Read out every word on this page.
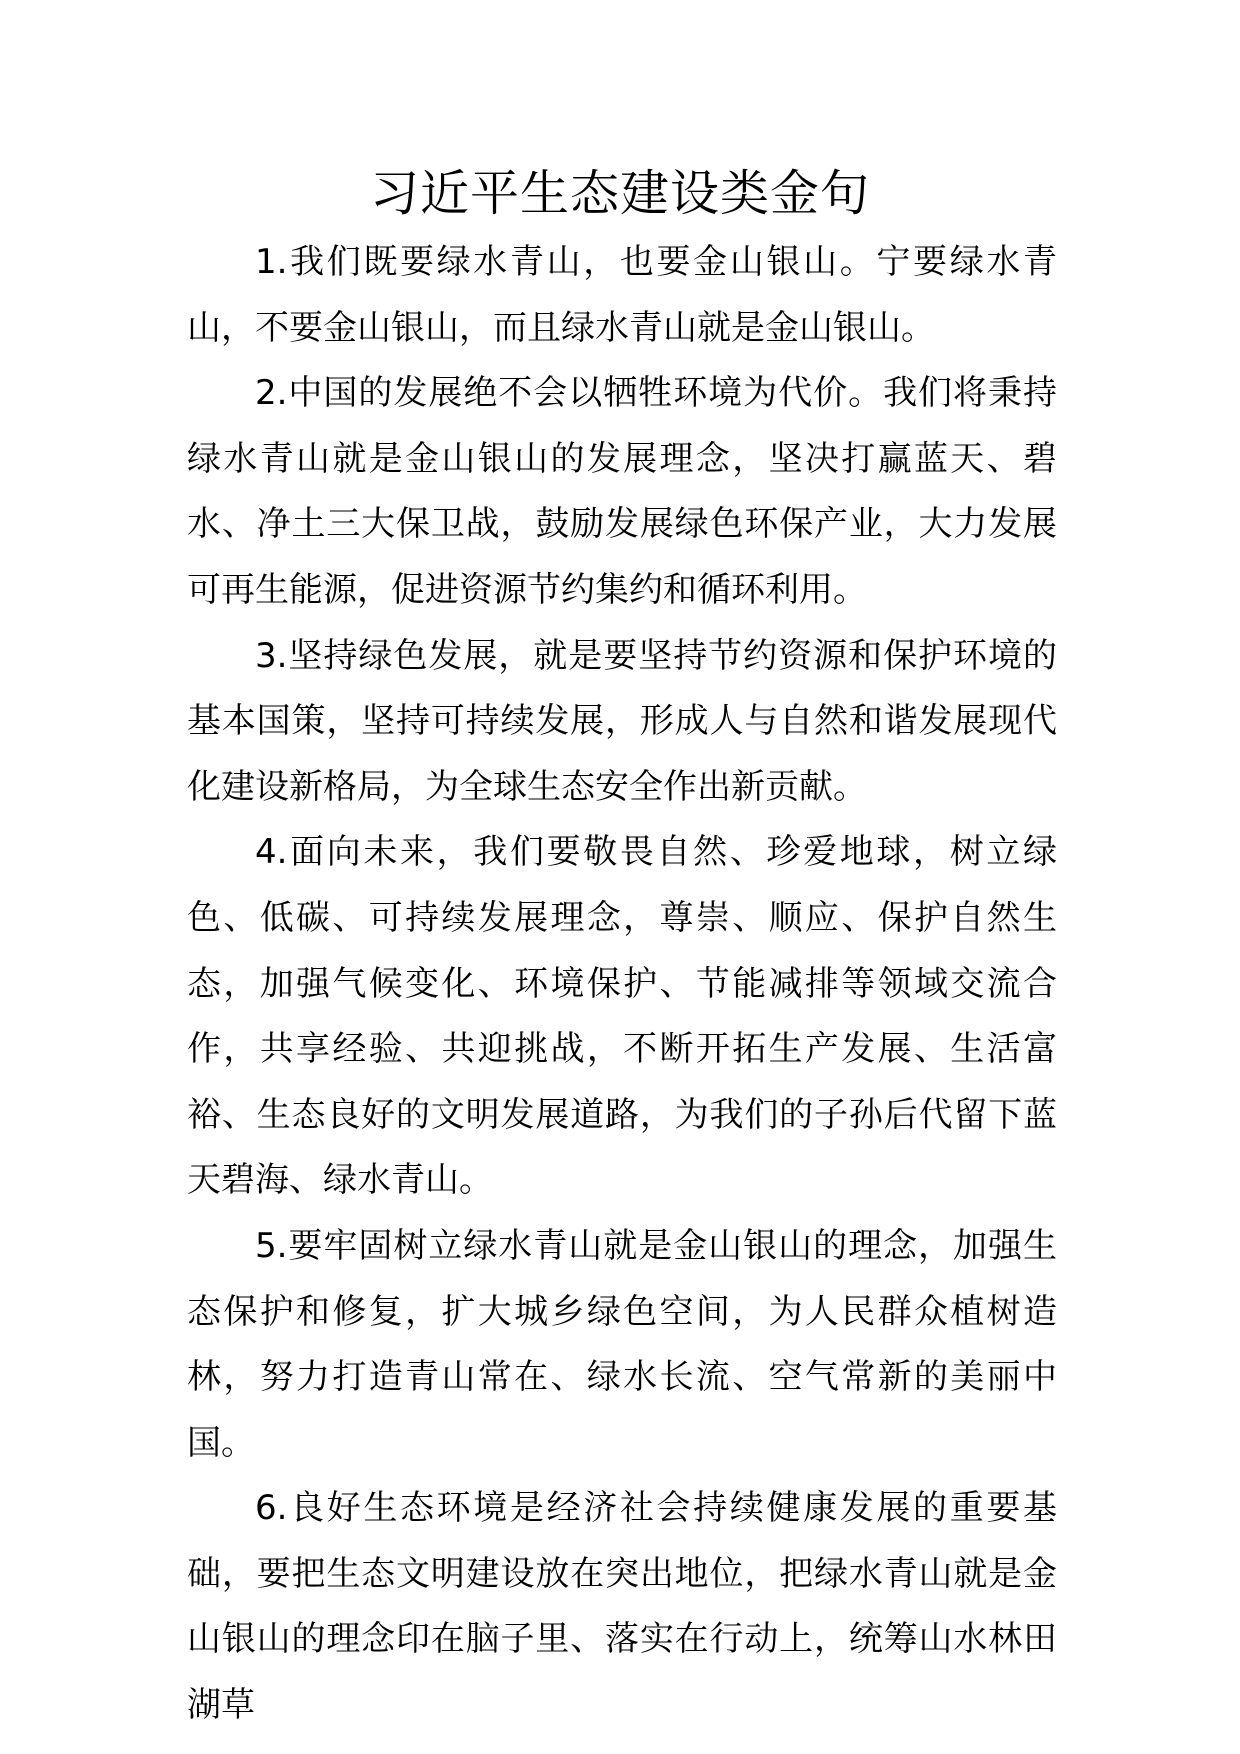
习近平生态建设类金句

1.我们既要绿水青山，也要金山银山。宁要绿水青山，不要金山银山，而且绿水青山就是金山银山。

2.中国的发展绝不会以牺牲环境为代价。我们将秉持绿水青山就是金山银山的发展理念，坚决打赢蓝天、碧水、净土三大保卫战，鼓励发展绿色环保产业，大力发展可再生能源，促进资源节约集约和循环利用。

3.坚持绿色发展，就是要坚持节约资源和保护环境的基本国策，坚持可持续发展，形成人与自然和谐发展现代化建设新格局，为全球生态安全作出新贡献。

4.面向未来，我们要敬畏自然、珍爱地球，树立绿色、低碳、可持续发展理念，尊崇、顺应、保护自然生态，加强气候变化、环境保护、节能减排等领域交流合作，共享经验、共迎挑战，不断开拓生产发展、生活富裕、生态良好的文明发展道路，为我们的子孙后代留下蓝天碧海、绿水青山。

5.要牢固树立绿水青山就是金山银山的理念，加强生态保护和修复，扩大城乡绿色空间，为人民群众植树造林，努力打造青山常在、绿水长流、空气常新的美丽中国。

6.良好生态环境是经济社会持续健康发展的重要基础，要把生态文明建设放在突出地位，把绿水青山就是金山银山的理念印在脑子里、落实在行动上，统筹山水林田湖草
